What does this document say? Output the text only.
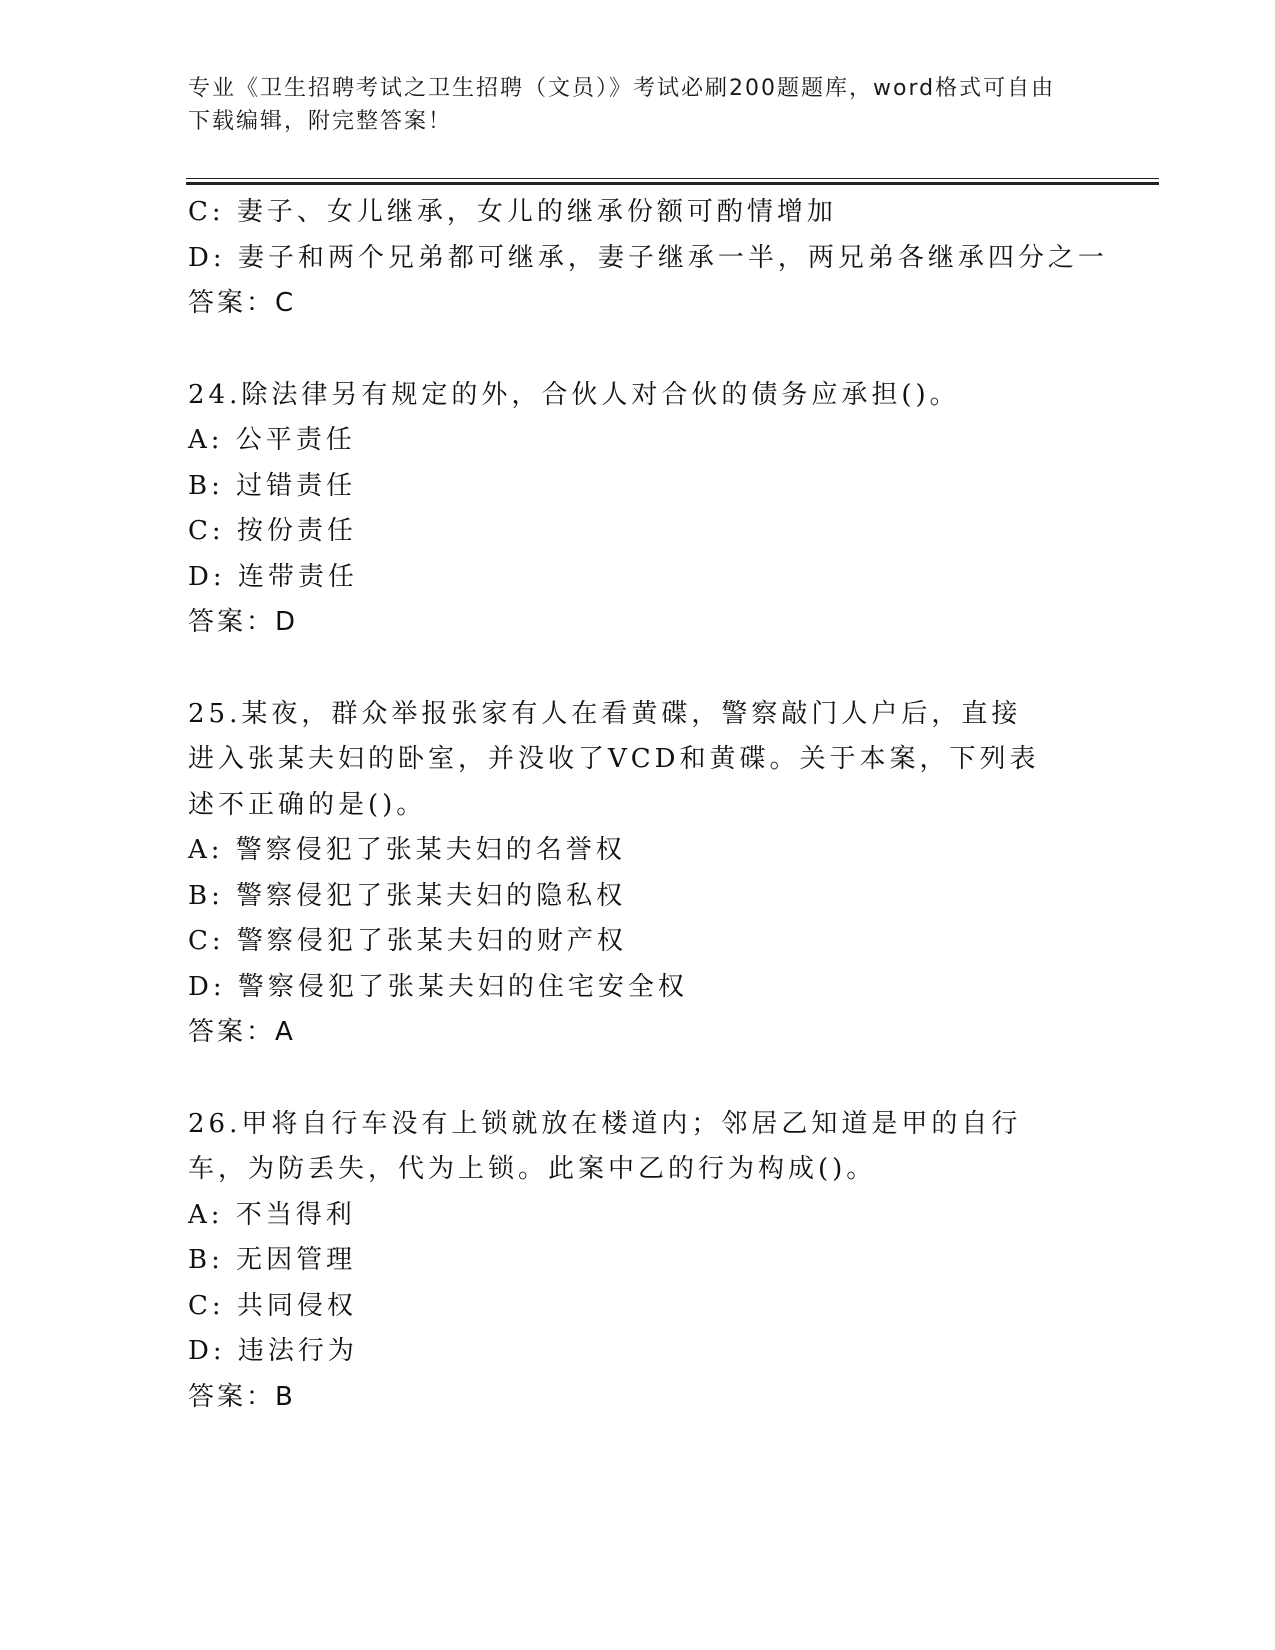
专业《卫生招聘考试之卫生招聘（文员）》考试必刷200题题库，word格式可自由下载编辑，附完整答案！
C: 妻子、女儿继承，女儿的继承份额可酌情增加
D: 妻子和两个兄弟都可继承，妻子继承一半，两兄弟各继承四分之一
答案：C
24.除法律另有规定的外，合伙人对合伙的债务应承担()。
A: 公平责任
B: 过错责任
C: 按份责任
D: 连带责任
答案：D
25.某夜，群众举报张家有人在看黄碟，警察敲门人户后，直接进入张某夫妇的卧室，并没收了VCD和黄碟。关于本案，下列表述不正确的是()。
A: 警察侵犯了张某夫妇的名誉权
B: 警察侵犯了张某夫妇的隐私权
C: 警察侵犯了张某夫妇的财产权
D: 警察侵犯了张某夫妇的住宅安全权
答案：A
26.甲将自行车没有上锁就放在楼道内；邻居乙知道是甲的自行车，为防丢失，代为上锁。此案中乙的行为构成()。
A: 不当得利
B: 无因管理
C: 共同侵权
D: 违法行为
答案：B
